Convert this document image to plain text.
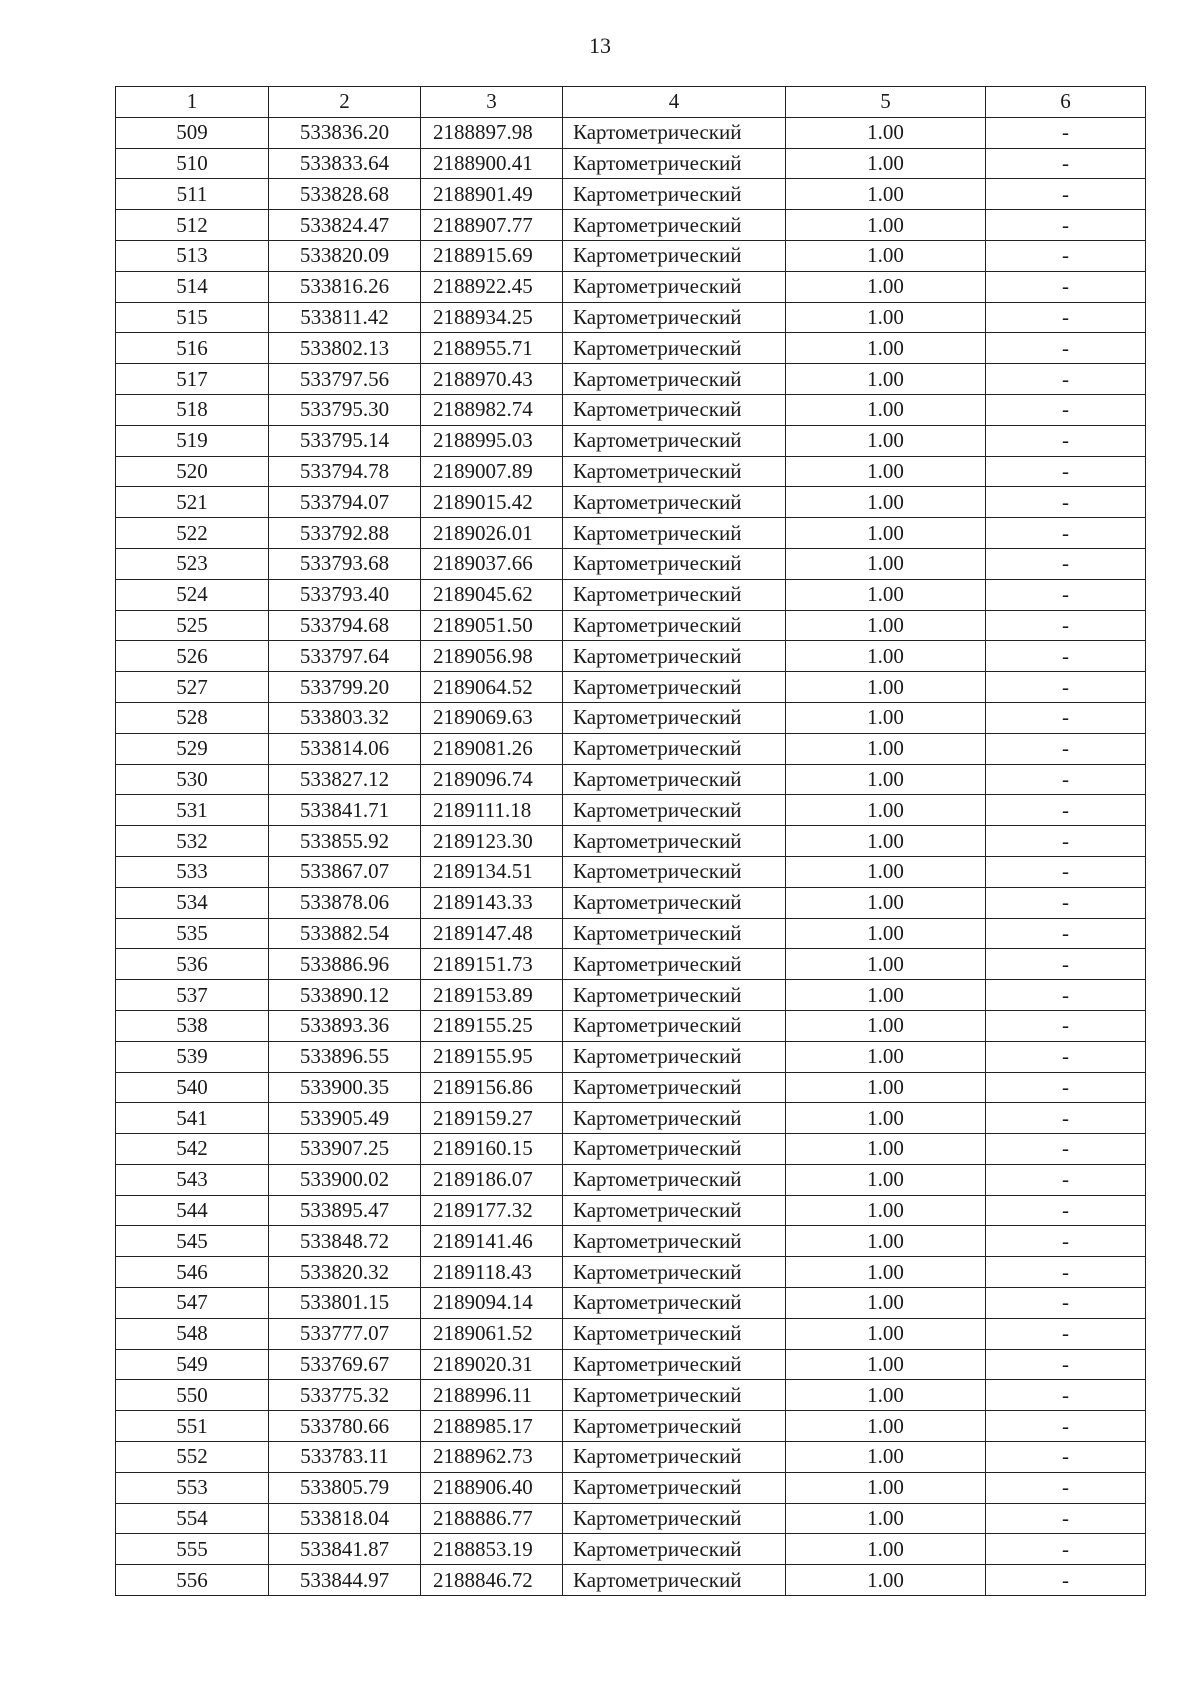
13
1	2	3	4	5	6
509	533836.20	2188897.98	Картометрический	1.00	-
510	533833.64	2188900.41	Картометрический	1.00	-
511	533828.68	2188901.49	Картометрический	1.00	-
512	533824.47	2188907.77	Картометрический	1.00	-
513	533820.09	2188915.69	Картометрический	1.00	-
514	533816.26	2188922.45	Картометрический	1.00	-
515	533811.42	2188934.25	Картометрический	1.00	-
516	533802.13	2188955.71	Картометрический	1.00	-
517	533797.56	2188970.43	Картометрический	1.00	-
518	533795.30	2188982.74	Картометрический	1.00	-
519	533795.14	2188995.03	Картометрический	1.00	-
520	533794.78	2189007.89	Картометрический	1.00	-
521	533794.07	2189015.42	Картометрический	1.00	-
522	533792.88	2189026.01	Картометрический	1.00	-
523	533793.68	2189037.66	Картометрический	1.00	-
524	533793.40	2189045.62	Картометрический	1.00	-
525	533794.68	2189051.50	Картометрический	1.00	-
526	533797.64	2189056.98	Картометрический	1.00	-
527	533799.20	2189064.52	Картометрический	1.00	-
528	533803.32	2189069.63	Картометрический	1.00	-
529	533814.06	2189081.26	Картометрический	1.00	-
530	533827.12	2189096.74	Картометрический	1.00	-
531	533841.71	2189111.18	Картометрический	1.00	-
532	533855.92	2189123.30	Картометрический	1.00	-
533	533867.07	2189134.51	Картометрический	1.00	-
534	533878.06	2189143.33	Картометрический	1.00	-
535	533882.54	2189147.48	Картометрический	1.00	-
536	533886.96	2189151.73	Картометрический	1.00	-
537	533890.12	2189153.89	Картометрический	1.00	-
538	533893.36	2189155.25	Картометрический	1.00	-
539	533896.55	2189155.95	Картометрический	1.00	-
540	533900.35	2189156.86	Картометрический	1.00	-
541	533905.49	2189159.27	Картометрический	1.00	-
542	533907.25	2189160.15	Картометрический	1.00	-
543	533900.02	2189186.07	Картометрический	1.00	-
544	533895.47	2189177.32	Картометрический	1.00	-
545	533848.72	2189141.46	Картометрический	1.00	-
546	533820.32	2189118.43	Картометрический	1.00	-
547	533801.15	2189094.14	Картометрический	1.00	-
548	533777.07	2189061.52	Картометрический	1.00	-
549	533769.67	2189020.31	Картометрический	1.00	-
550	533775.32	2188996.11	Картометрический	1.00	-
551	533780.66	2188985.17	Картометрический	1.00	-
552	533783.11	2188962.73	Картометрический	1.00	-
553	533805.79	2188906.40	Картометрический	1.00	-
554	533818.04	2188886.77	Картометрический	1.00	-
555	533841.87	2188853.19	Картометрический	1.00	-
556	533844.97	2188846.72	Картометрический	1.00	-
